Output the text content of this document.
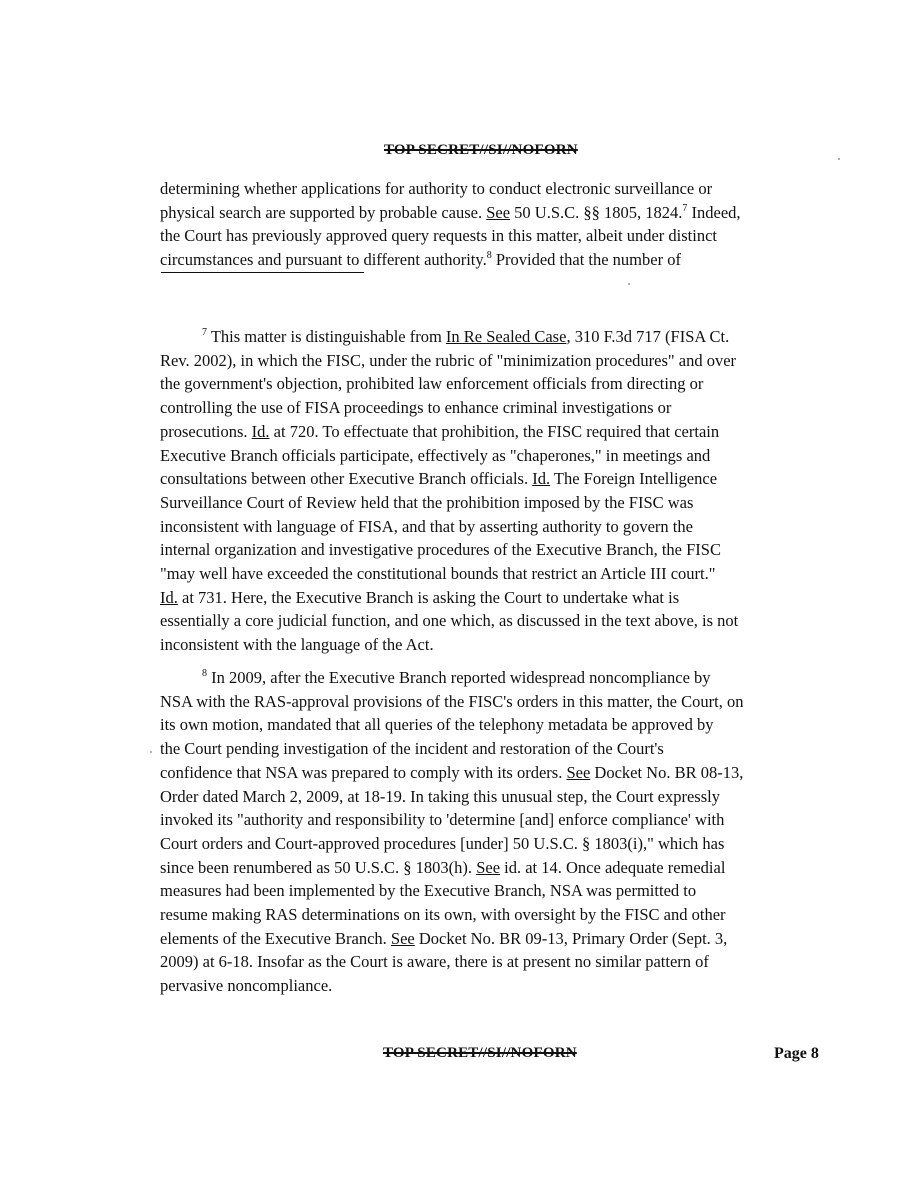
TOP SECRET//SI//NOFORN
determining whether applications for authority to conduct electronic surveillance or
physical search are supported by probable cause. See 50 U.S.C. §§ 1805, 1824.$^7$ Indeed,
the Court has previously approved query requests in this matter, albeit under distinct
circumstances and pursuant to different authority.$^8$ Provided that the number of
$^7$ This matter is distinguishable from In Re Sealed Case, 310 F.3d 717 (FISA Ct.
Rev. 2002), in which the FISC, under the rubric of "minimization procedures" and over
the government's objection, prohibited law enforcement officials from directing or
controlling the use of FISA proceedings to enhance criminal investigations or
prosecutions. Id. at 720. To effectuate that prohibition, the FISC required that certain
Executive Branch officials participate, effectively as "chaperones," in meetings and
consultations between other Executive Branch officials. Id. The Foreign Intelligence
Surveillance Court of Review held that the prohibition imposed by the FISC was
inconsistent with language of FISA, and that by asserting authority to govern the
internal organization and investigative procedures of the Executive Branch, the FISC
"may well have exceeded the constitutional bounds that restrict an Article III court."
Id. at 731. Here, the Executive Branch is asking the Court to undertake what is
essentially a core judicial function, and one which, as discussed in the text above, is not
inconsistent with the language of the Act.
$^8$ In 2009, after the Executive Branch reported widespread noncompliance by
NSA with the RAS-approval provisions of the FISC's orders in this matter, the Court, on
its own motion, mandated that all queries of the telephony metadata be approved by
the Court pending investigation of the incident and restoration of the Court's
confidence that NSA was prepared to comply with its orders. See Docket No. BR 08-13,
Order dated March 2, 2009, at 18-19. In taking this unusual step, the Court expressly
invoked its "authority and responsibility to 'determine [and] enforce compliance' with
Court orders and Court-approved procedures [under] 50 U.S.C. § 1803(i)," which has
since been renumbered as 50 U.S.C. § 1803(h). See id. at 14. Once adequate remedial
measures had been implemented by the Executive Branch, NSA was permitted to
resume making RAS determinations on its own, with oversight by the FISC and other
elements of the Executive Branch. See Docket No. BR 09-13, Primary Order (Sept. 3,
2009) at 6-18. Insofar as the Court is aware, there is at present no similar pattern of
pervasive noncompliance.
TOP SECRET//SI//NOFORN	Page 8
